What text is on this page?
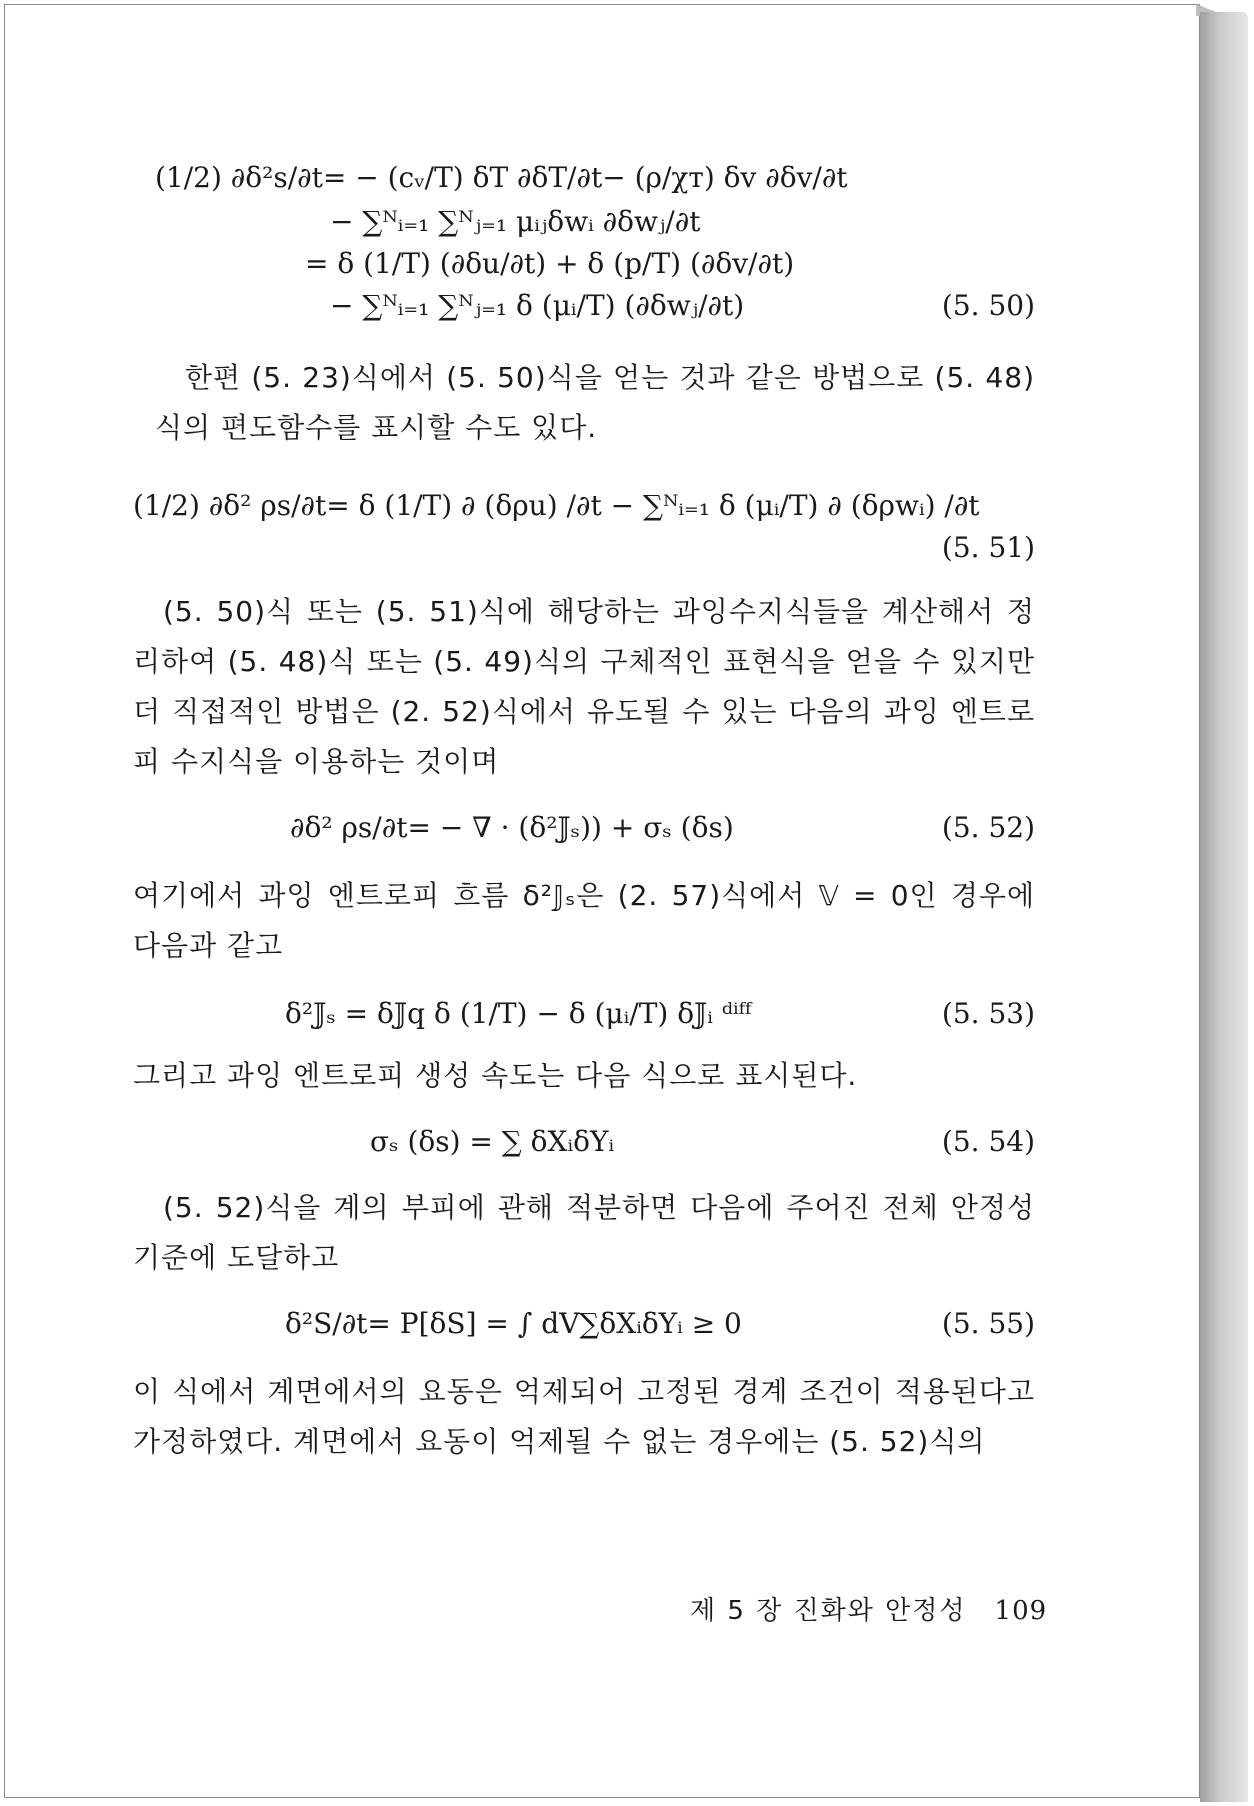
(1/2) ∂δ²s/∂t= − (cᵥ/T) δT ∂δT/∂t− (ρ/χᴛ) δv ∂δv/∂t
− ∑ᴺᵢ₌₁ ∑ᴺⱼ₌₁ μᵢⱼδwᵢ ∂δwⱼ/∂t
= δ (1/T) (∂δu/∂t) + δ (p/T) (∂δv/∂t)
− ∑ᴺᵢ₌₁ ∑ᴺⱼ₌₁ δ (μᵢ/T) (∂δwⱼ/∂t)	(5. 50)

한편 (5. 23)식에서 (5. 50)식을 얻는 것과 같은 방법으로 (5. 48)식의 편도함수를 표시할 수도 있다.

(1/2) ∂δ² ρs/∂t= δ (1/T) ∂ (δρu) /∂t − ∑ᴺᵢ₌₁ δ (μᵢ/T) ∂ (δρwᵢ) /∂t
(5. 51)

(5. 50)식 또는 (5. 51)식에 해당하는 과잉수지식들을 계산해서 정리하여 (5. 48)식 또는 (5. 49)식의 구체적인 표현식을 얻을 수 있지만 더 직접적인 방법은 (2. 52)식에서 유도될 수 있는 다음의 과잉 엔트로피 수지식을 이용하는 것이며

∂δ² ρs/∂t= − ∇ · (δ²𝕁ₛ)) + σₛ (δs)	(5. 52)

여기에서 과잉 엔트로피 흐름 δ²𝕁ₛ은 (2. 57)식에서 𝕍 = 0인 경우에 다음과 같고

δ²𝕁ₛ = δ𝕁q δ (1/T) − δ (μᵢ/T) δ𝕁ᵢ ᵈⁱᶠᶠ	(5. 53)

그리고 과잉 엔트로피 생성 속도는 다음 식으로 표시된다.

σₛ (δs) = ∑ δXᵢδYᵢ	(5. 54)

(5. 52)식을 계의 부피에 관해 적분하면 다음에 주어진 전체 안정성 기준에 도달하고

δ²S/∂t= P[δS] = ∫ dV∑δXᵢδYᵢ ≥ 0	(5. 55)

이 식에서 계면에서의 요동은 억제되어 고정된 경계 조건이 적용된다고 가정하였다. 계면에서 요동이 억제될 수 없는 경우에는 (5. 52)식의

제 5 장 진화와 안정성 109
